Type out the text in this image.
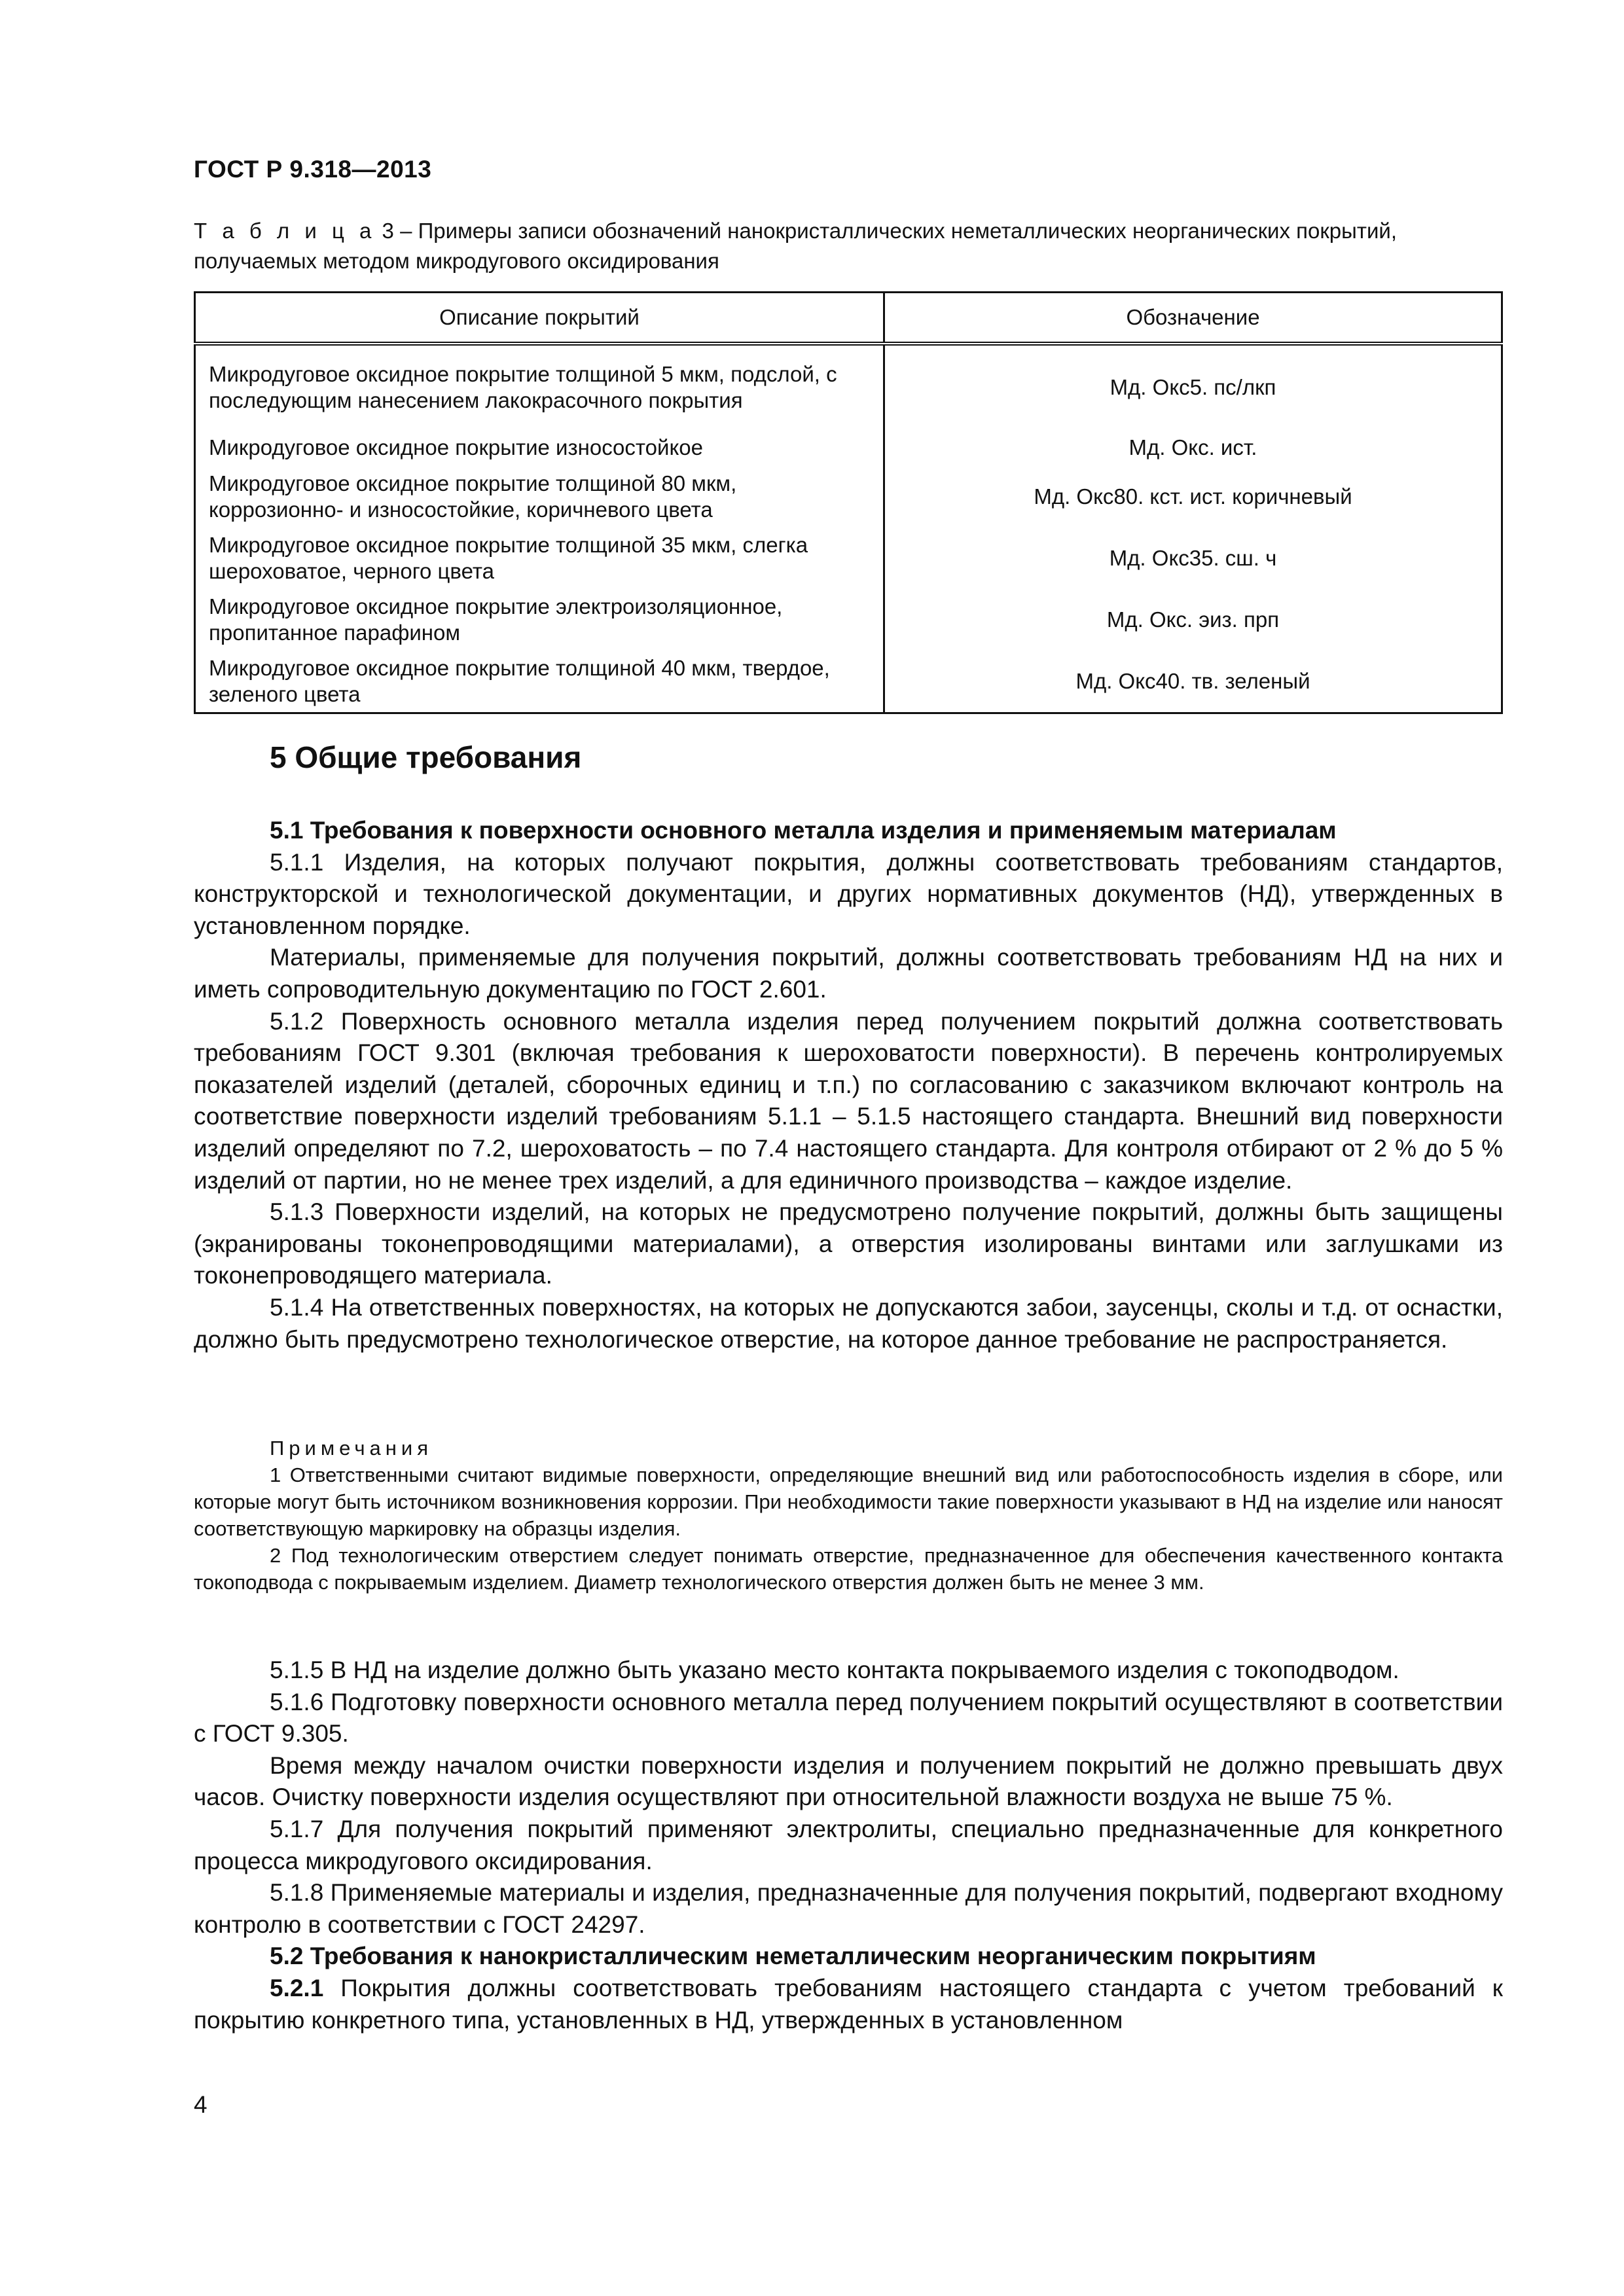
ГОСТ Р 9.318—2013
Т а б л и ц а 3 – Примеры записи обозначений нанокристаллических неметаллических неорганических покрытий, получаемых методом микродугового оксидирования
Описание покрытий	Обозначение
Микродуговое оксидное покрытие толщиной 5 мкм, подслой, с последующим нанесением лакокрасочного покрытия	Мд. Окс5. пс/лкп
Микродуговое оксидное покрытие износостойкое	Мд. Окс. ист.
Микродуговое оксидное покрытие толщиной 80 мкм, коррозионно- и износостойкие, коричневого цвета	Мд. Окс80. кст. ист. коричневый
Микродуговое оксидное покрытие толщиной 35 мкм, слегка шероховатое, черного цвета	Мд. Окс35. сш. ч
Микродуговое оксидное покрытие электроизоляционное, пропитанное парафином	Мд. Окс. эиз. прп
Микродуговое оксидное покрытие толщиной 40 мкм, твердое, зеленого цвета	Мд. Окс40. тв. зеленый
5 Общие требования

5.1 Требования к поверхности основного металла изделия и применяемым материалам

5.1.1 Изделия, на которых получают покрытия, должны соответствовать требованиям стандартов, конструкторской и технологической документации, и других нормативных документов (НД), утвержденных в установленном порядке.

Материалы, применяемые для получения покрытий, должны соответствовать требованиям НД на них и иметь сопроводительную документацию по ГОСТ 2.601.

5.1.2 Поверхность основного металла изделия перед получением покрытий должна соответствовать требованиям ГОСТ 9.301 (включая требования к шероховатости поверхности). В перечень контролируемых показателей изделий (деталей, сборочных единиц и т.п.) по согласованию с заказчиком включают контроль на соответствие поверхности изделий требованиям 5.1.1 – 5.1.5 настоящего стандарта. Внешний вид поверхности изделий определяют по 7.2, шероховатость – по 7.4 настоящего стандарта. Для контроля отбирают от 2 % до 5 % изделий от партии, но не менее трех изделий, а для единичного производства – каждое изделие.

5.1.3 Поверхности изделий, на которых не предусмотрено получение покрытий, должны быть защищены (экранированы токонепроводящими материалами), а отверстия изолированы винтами или заглушками из токонепроводящего материала.

5.1.4 На ответственных поверхностях, на которых не допускаются забои, заусенцы, сколы и т.д. от оснастки, должно быть предусмотрено технологическое отверстие, на которое данное требование не распространяется.

Примечания

1 Ответственными считают видимые поверхности, определяющие внешний вид или работоспособность изделия в сборе, или которые могут быть источником возникновения коррозии. При необходимости такие поверхности указывают в НД на изделие или наносят соответствующую маркировку на образцы изделия.

2 Под технологическим отверстием следует понимать отверстие, предназначенное для обеспечения качественного контакта токоподвода с покрываемым изделием. Диаметр технологического отверстия должен быть не менее 3 мм.

5.1.5 В НД на изделие должно быть указано место контакта покрываемого изделия с токоподводом.

5.1.6 Подготовку поверхности основного металла перед получением покрытий осуществляют в соответствии с ГОСТ 9.305.

Время между началом очистки поверхности изделия и получением покрытий не должно превышать двух часов. Очистку поверхности изделия осуществляют при относительной влажности воздуха не выше 75 %.

5.1.7 Для получения покрытий применяют электролиты, специально предназначенные для конкретного процесса микродугового оксидирования.

5.1.8 Применяемые материалы и изделия, предназначенные для получения покрытий, подвергают входному контролю в соответствии с ГОСТ 24297.

5.2 Требования к нанокристаллическим неметаллическим неорганическим покрытиям

5.2.1 Покрытия должны соответствовать требованиям настоящего стандарта с учетом требований к покрытию конкретного типа, установленных в НД, утвержденных в установленном

4
